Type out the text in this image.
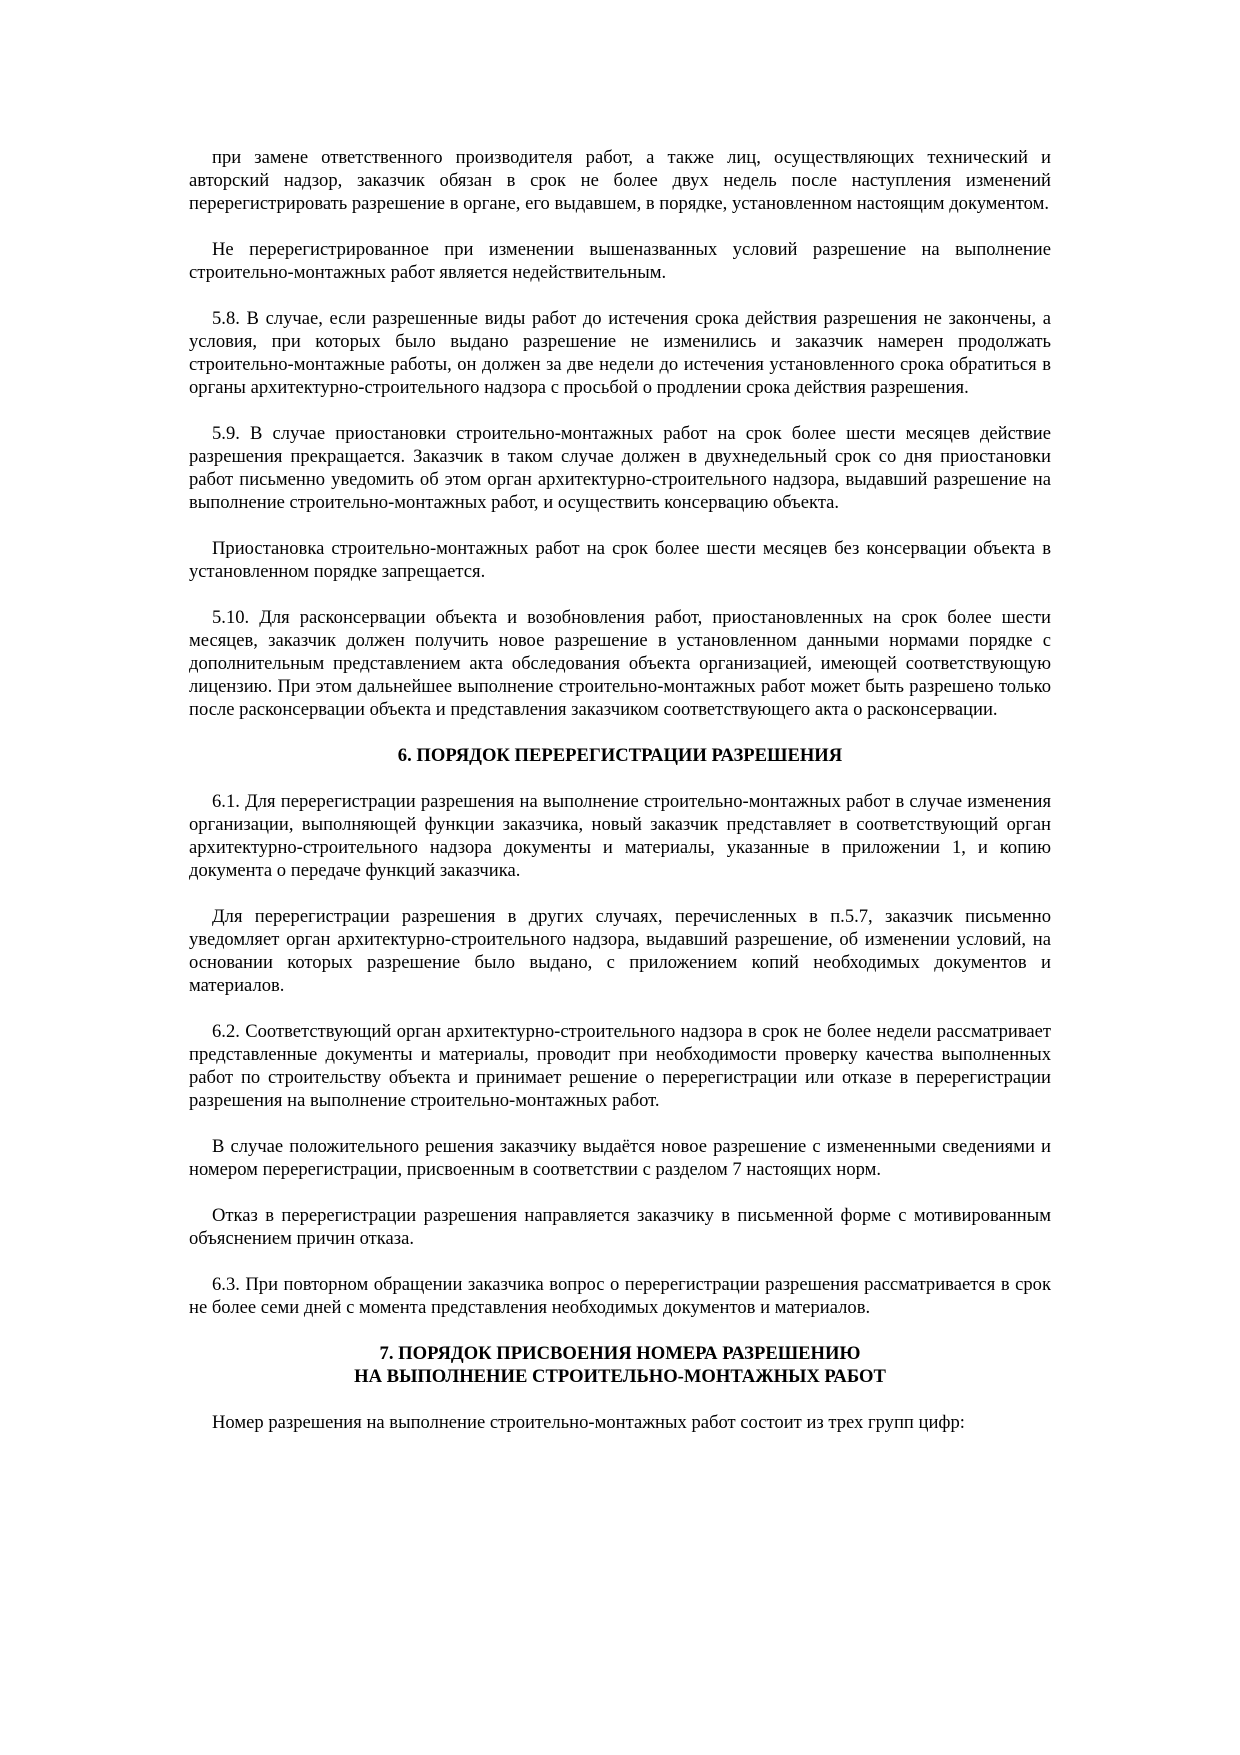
при замене ответственного производителя работ, а также лиц, осуществляющих технический и авторский надзор, заказчик обязан в срок не более двух недель после наступления изменений перерегистрировать разрешение в органе, его выдавшем, в порядке, установленном настоящим документом.

Не перерегистрированное при изменении вышеназванных условий разрешение на выполнение строительно-монтажных работ является недействительным.

5.8. В случае, если разрешенные виды работ до истечения срока действия разрешения не закончены, а условия, при которых было выдано разрешение не изменились и заказчик намерен продолжать строительно-монтажные работы, он должен за две недели до истечения установленного срока обратиться в органы архитектурно-строительного надзора с просьбой о продлении срока действия разрешения.

5.9. В случае приостановки строительно-монтажных работ на срок более шести месяцев действие разрешения прекращается. Заказчик в таком случае должен в двухнедельный срок со дня приостановки работ письменно уведомить об этом орган архитектурно-строительного надзора, выдавший разрешение на выполнение строительно-монтажных работ, и осуществить консервацию объекта.

Приостановка строительно-монтажных работ на срок более шести месяцев без консервации объекта в установленном порядке запрещается.

5.10. Для расконсервации объекта и возобновления работ, приостановленных на срок более шести месяцев, заказчик должен получить новое разрешение в установленном данными нормами порядке с дополнительным представлением акта обследования объекта организацией, имеющей соответствующую лицензию. При этом дальнейшее выполнение строительно-монтажных работ может быть разрешено только после расконсервации объекта и представления заказчиком соответствующего акта о расконсервации.

6. ПОРЯДОК ПЕРЕРЕГИСТРАЦИИ РАЗРЕШЕНИЯ

6.1. Для перерегистрации разрешения на выполнение строительно-монтажных работ в случае изменения организации, выполняющей функции заказчика, новый заказчик представляет в соответствующий орган архитектурно-строительного надзора документы и материалы, указанные в приложении 1, и копию документа о передаче функций заказчика.

Для перерегистрации разрешения в других случаях, перечисленных в п.5.7, заказчик письменно уведомляет орган архитектурно-строительного надзора, выдавший разрешение, об изменении условий, на основании которых разрешение было выдано, с приложением копий необходимых документов и материалов.

6.2. Соответствующий орган архитектурно-строительного надзора в срок не более недели рассматривает представленные документы и материалы, проводит при необходимости проверку качества выполненных работ по строительству объекта и принимает решение о перерегистрации или отказе в перерегистрации разрешения на выполнение строительно-монтажных работ.

В случае положительного решения заказчику выдаётся новое разрешение с измененными сведениями и номером перерегистрации, присвоенным в соответствии с разделом 7 настоящих норм.

Отказ в перерегистрации разрешения направляется заказчику в письменной форме с мотивированным объяснением причин отказа.

6.3. При повторном обращении заказчика вопрос о перерегистрации разрешения рассматривается в срок не более семи дней с момента представления необходимых документов и материалов.

7. ПОРЯДОК ПРИСВОЕНИЯ НОМЕРА РАЗРЕШЕНИЮ
НА ВЫПОЛНЕНИЕ СТРОИТЕЛЬНО-МОНТАЖНЫХ РАБОТ

Номер разрешения на выполнение строительно-монтажных работ состоит из трех групп цифр:
